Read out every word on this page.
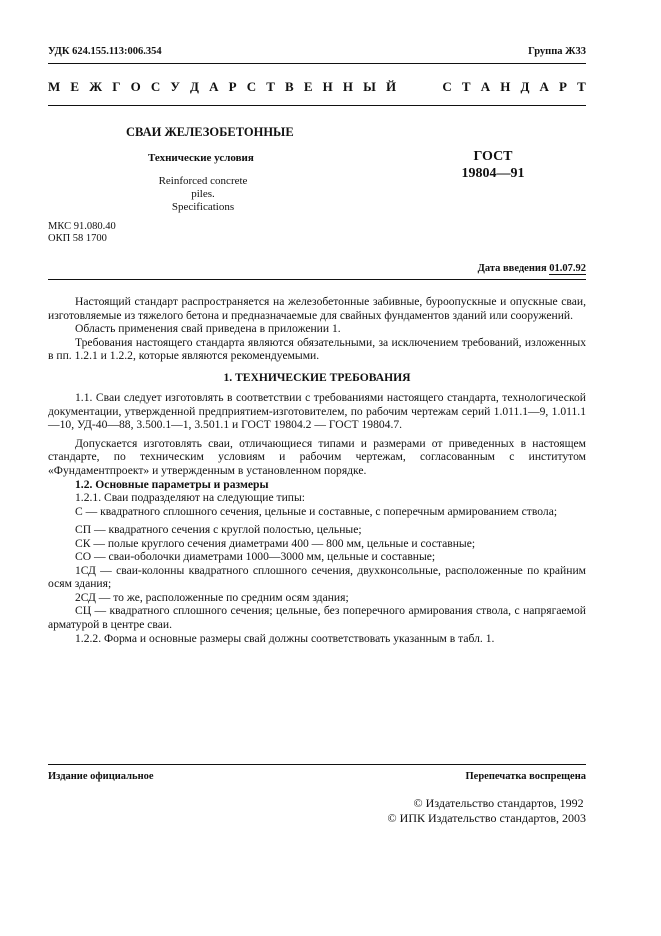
УДК 624.155.113:006.354	Группа Ж33
М Е Ж Г О С У Д А Р С Т В Е Н Н Ы Й	С Т А Н Д А Р Т
СВАИ ЖЕЛЕЗОБЕТОННЫЕ
Технические условия
Reinforced concrete piles.
Specifications
ГОСТ
19804—91
МКС 91.080.40
ОКП 58 1700
Дата введения 01.07.92

Настоящий стандарт распространяется на железобетонные забивные, буроопускные и опускные сваи, изготовляемые из тяжелого бетона и предназначаемые для свайных фундаментов зданий или сооружений.

Область применения свай приведена в приложении 1.

Требования настоящего стандарта являются обязательными, за исключением требований, изложенных в пп. 1.2.1 и 1.2.2, которые являются рекомендуемыми.

1. ТЕХНИЧЕСКИЕ ТРЕБОВАНИЯ

1.1. Сваи следует изготовлять в соответствии с требованиями настоящего стандарта, технологической документации, утвержденной предприятием-изготовителем, по рабочим чертежам серий 1.011.1—9, 1.011.1—10, УД-40—88, 3.500.1—1, 3.501.1 и ГОСТ 19804.2 — ГОСТ 19804.7.

Допускается изготовлять сваи, отличающиеся типами и размерами от приведенных в настоящем стандарте, по техническим условиям и рабочим чертежам, согласованным с институтом «Фундаментпроект» и утвержденным в установленном порядке.

1.2. Основные параметры и размеры

1.2.1. Сваи подразделяют на следующие типы:

С — квадратного сплошного сечения, цельные и составные, с поперечным армированием ствола;

СП — квадратного сечения с круглой полостью, цельные;

СК — полые круглого сечения диаметрами 400 — 800 мм, цельные и составные;

СО — сваи-оболочки диаметрами 1000—3000 мм, цельные и составные;

1СД — сваи-колонны квадратного сплошного сечения, двухконсольные, расположенные по крайним осям здания;

2СД — то же, расположенные по средним осям здания;

СЦ — квадратного сплошного сечения; цельные, без поперечного армирования ствола, с напрягаемой арматурой в центре сваи.

1.2.2. Форма и основные размеры свай должны соответствовать указанным в табл. 1.

Издание официальное	Перепечатка воспрещена
© Издательство стандартов, 1992
© ИПК Издательство стандартов, 2003
